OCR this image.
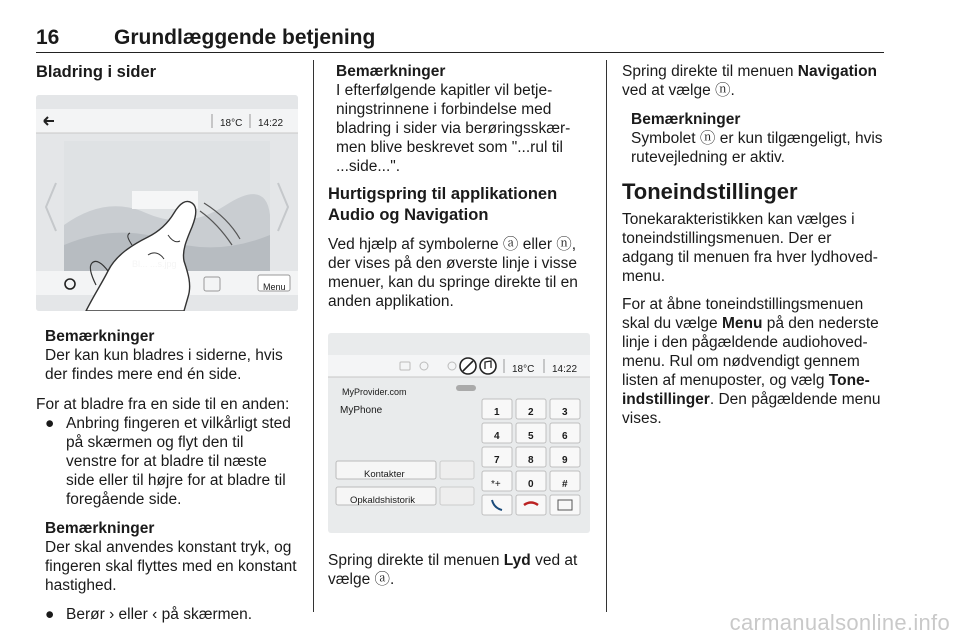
16	Grundlæggende betjening
Bladring i sider
18°C 14:22
Menu
Bl... ...s.jpg

Bemærkninger

Der kan kun bladres i siderne, hvis der findes mere end én side.

For at bladre fra en side til en anden:

● Anbring fingeren et vilkårligt sted på skærmen og flyt den til venstre for at bladre til næste side eller til højre for at bladre til foregående side.

Bemærkninger

Der skal anvendes konstant tryk, og fingeren skal flyttes med en konstant hastighed.

● Berør › eller ‹ på skærmen.

Bemærkninger

I efterfølgende kapitler vil betje-ningstrinnene i forbindelse med bladring i sider via berøringsskær-men blive beskrevet som "...rul til ...side...".

Hurtigspring til applikationen Audio og Navigation

Ved hjælp af symbolerne ⓐ eller ⓝ, der vises på den øverste linje i visse menuer, kan du springe direkte til en anden applikation.

18°C 14:22
MyProvider.com
MyPhone	1	2	3
4	5	6
7	8	9
*+	0	#
Kontakter
Opkaldshistorik

Spring direkte til menuen Lyd ved at vælge ⓐ.

Spring direkte til menuen Navigation ved at vælge ⓝ.

Bemærkninger

Symbolet ⓝ er kun tilgængeligt, hvis rutevejledning er aktiv.

Toneindstillinger

Tonekarakteristikken kan vælges i toneindstillingsmenuen. Der er adgang til menuen fra hver lydhoved-menu.

For at åbne toneindstillingsmenuen skal du vælge Menu på den nederste linje i den pågældende audiohoved-menu. Rul om nødvendigt gennem listen af menuposter, og vælg Tone-indstillinger. Den pågældende menu vises.

carmanualsonline.info
